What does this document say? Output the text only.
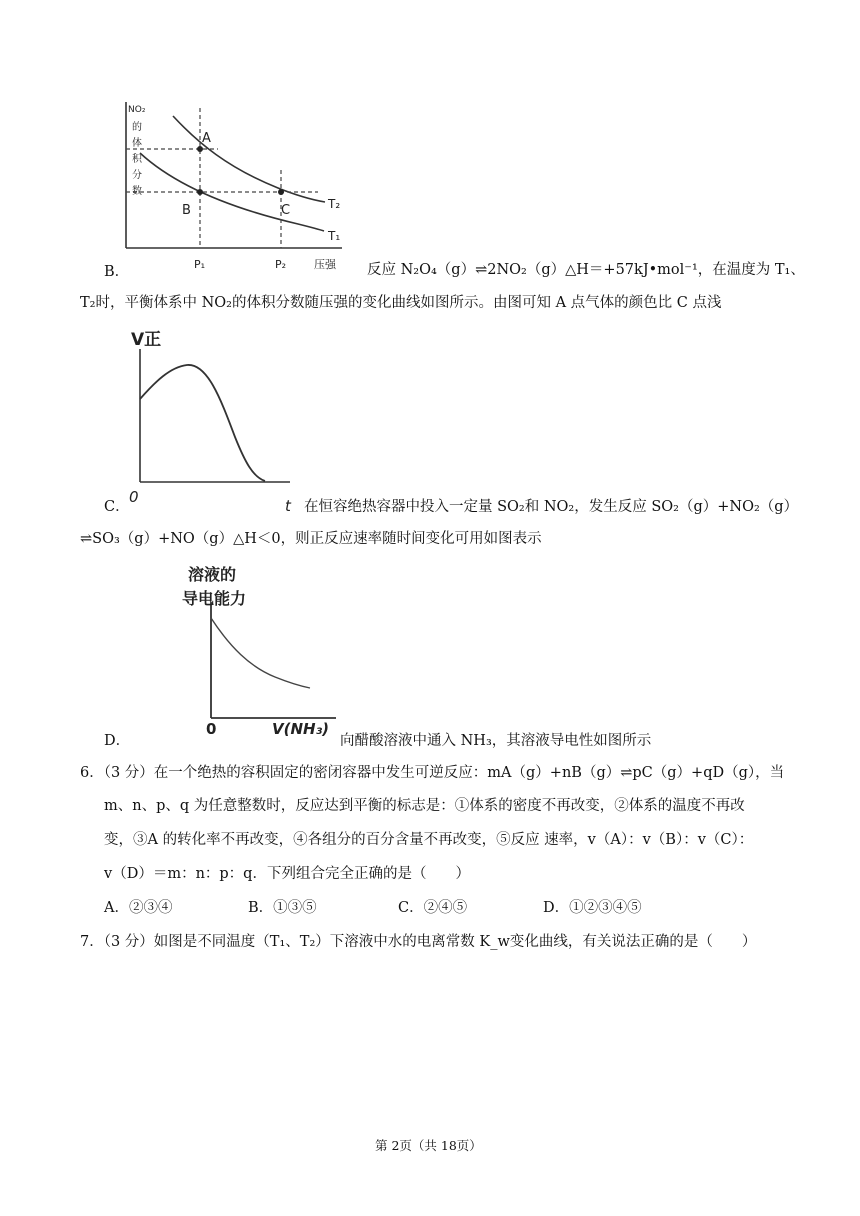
NO₂
的
体
积
分
数
A
B	C	T₂
T₁
P₁	P₂	压强
B．	反应 N₂O₄（g）⇌2NO₂（g）△H＝+57kJ•mol⁻¹，在温度为 T₁、
T₂时，平衡体系中 NO₂的体积分数随压强的变化曲线如图所示。由图可知 A 点气体的颜色比 C 点浅
V正
0	t
C．	在恒容绝热容器中投入一定量 SO₂和 NO₂，发生反应 SO₂（g）+NO₂（g）
⇌SO₃（g）+NO（g）△H＜0，则正反应速率随时间变化可用如图表示
溶液的
导电能力
0	V(NH₃)
D．	向醋酸溶液中通入 NH₃，其溶液导电性如图所示
6．（3 分）在一个绝热的容积固定的密闭容器中发生可逆反应：mA（g）+nB（g）⇌pC（g）+qD（g），当
m、n、p、q 为任意整数时，反应达到平衡的标志是：①体系的密度不再改变，②体系的温度不再改
变，③A 的转化率不再改变，④各组分的百分含量不再改变，⑤反应 速率，v（A）：v（B）：v（C）：
v（D）＝m：n：p：q．下列组合完全正确的是（　　）
A．②③④	B．①③⑤	C．②④⑤	D．①②③④⑤
7．（3 分）如图是不同温度（T₁、T₂）下溶液中水的电离常数 K_w变化曲线，有关说法正确的是（　　）
第 2页（共 18页）
